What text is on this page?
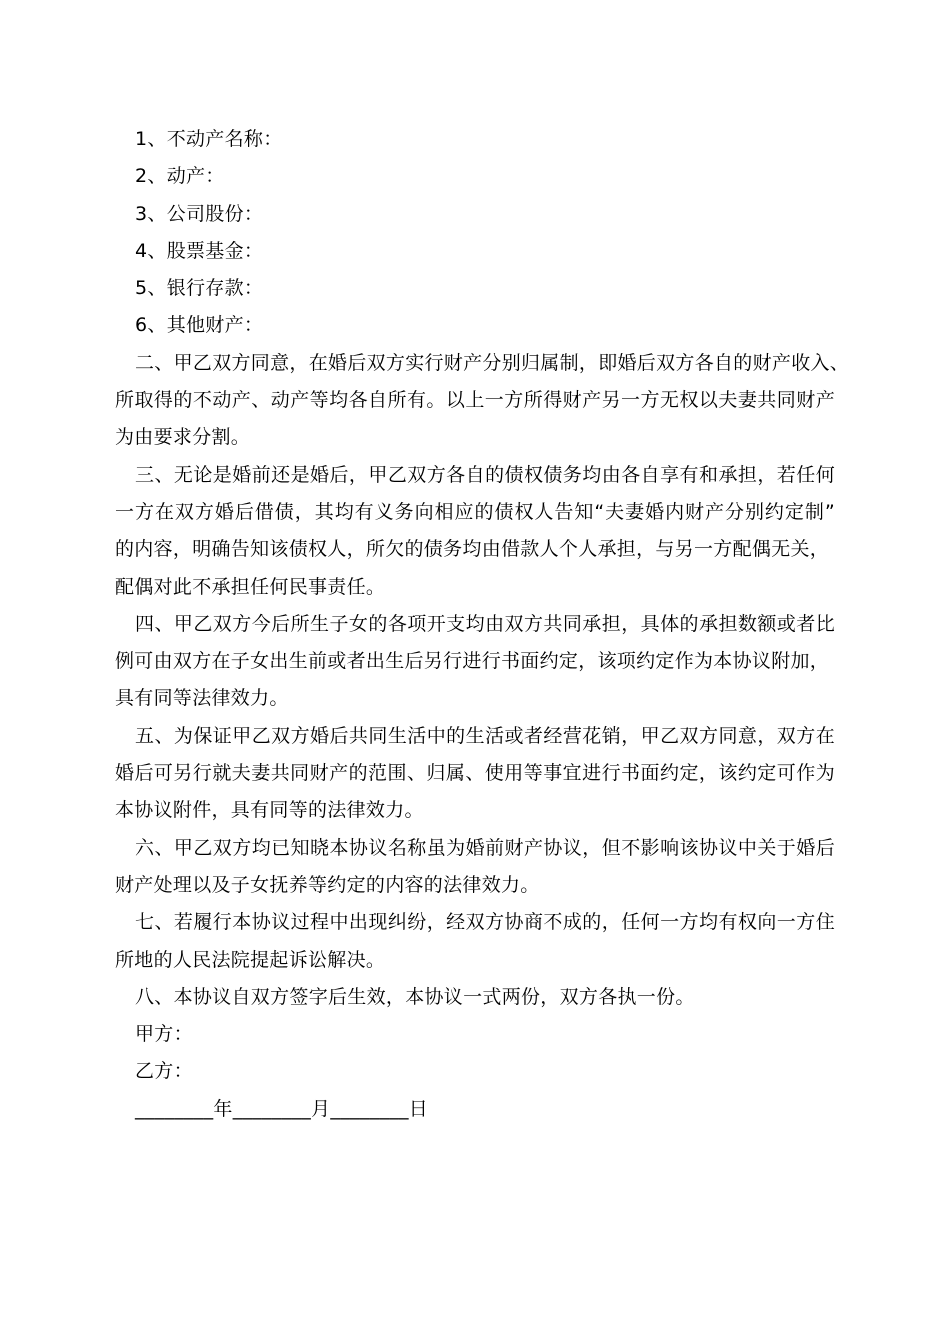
1、不动产名称：
2、动产：
3、公司股份：
4、股票基金：
5、银行存款：
6、其他财产：
二、甲乙双方同意，在婚后双方实行财产分别归属制，即婚后双方各自的财产收入、
所取得的不动产、动产等均各自所有。以上一方所得财产另一方无权以夫妻共同财产
为由要求分割。
三、无论是婚前还是婚后，甲乙双方各自的债权债务均由各自享有和承担，若任何
一方在双方婚后借债，其均有义务向相应的债权人告知“夫妻婚内财产分别约定制”
的内容，明确告知该债权人，所欠的债务均由借款人个人承担，与另一方配偶无关，
配偶对此不承担任何民事责任。
四、甲乙双方今后所生子女的各项开支均由双方共同承担，具体的承担数额或者比
例可由双方在子女出生前或者出生后另行进行书面约定，该项约定作为本协议附加，
具有同等法律效力。
五、为保证甲乙双方婚后共同生活中的生活或者经营花销，甲乙双方同意，双方在
婚后可另行就夫妻共同财产的范围、归属、使用等事宜进行书面约定，该约定可作为
本协议附件，具有同等的法律效力。
六、甲乙双方均已知晓本协议名称虽为婚前财产协议，但不影响该协议中关于婚后
财产处理以及子女抚养等约定的内容的法律效力。
七、若履行本协议过程中出现纠纷，经双方协商不成的，任何一方均有权向一方住
所地的人民法院提起诉讼解决。
八、本协议自双方签字后生效，本协议一式两份，双方各执一份。
甲方：
乙方：
________年________月________日
